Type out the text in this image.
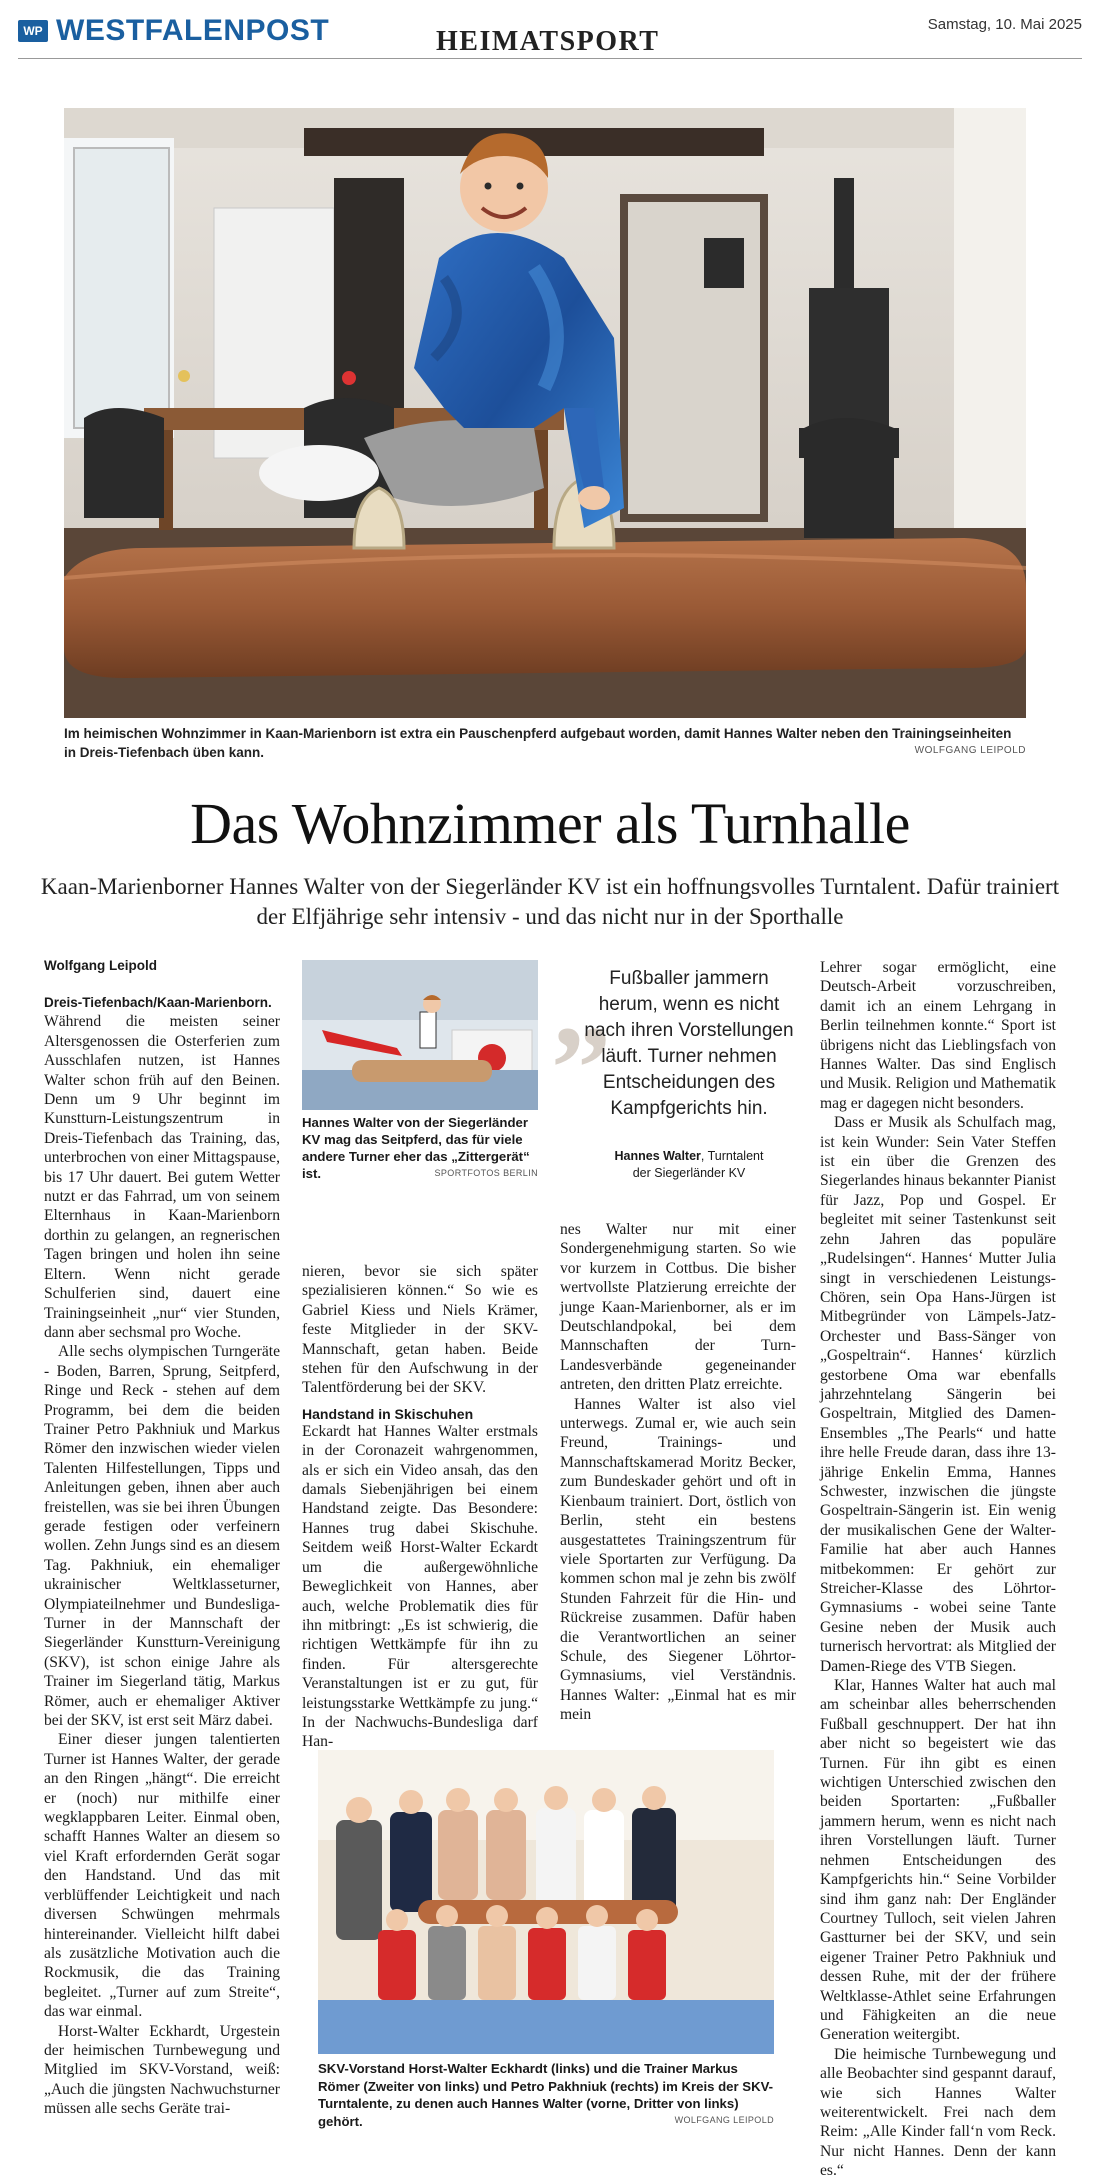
WP WESTFALENPOST	HEIMATSPORT
Samstag, 10. Mai 2025
Im heimischen Wohnzimmer in Kaan-Marienborn ist extra ein Pauschenpferd aufgebaut worden, damit Hannes Walter neben den Trainingseinheiten in Dreis-Tiefenbach üben kann.	WOLFGANG LEIPOLD
Das Wohnzimmer als Turnhalle
Kaan-Marienborner Hannes Walter von der Siegerländer KV ist ein hoffnungsvolles Turntalent. Dafür trainiert der Elfjährige sehr intensiv - und das nicht nur in der Sporthalle
Wolfgang Leipold

Dreis-Tiefenbach/Kaan-Marienborn.
Während die meisten seiner Altersgenossen die Osterferien zum Ausschlafen nutzen, ist Hannes Walter schon früh auf den Beinen. Denn um 9 Uhr beginnt im Kunstturn-Leistungszentrum in Dreis-Tiefenbach das Training, das, unterbrochen von einer Mittagspause, bis 17 Uhr dauert. Bei gutem Wetter nutzt er das Fahrrad, um von seinem Elternhaus in Kaan-Marienborn dorthin zu gelangen, an regnerischen Tagen bringen und holen ihn seine Eltern. Wenn nicht gerade Schulferien sind, dauert eine Trainingseinheit „nur“ vier Stunden, dann aber sechsmal pro Woche.

Alle sechs olympischen Turngeräte - Boden, Barren, Sprung, Seitpferd, Ringe und Reck - stehen auf dem Programm, bei dem die beiden Trainer Petro Pakhniuk und Markus Römer den inzwischen wieder vielen Talenten Hilfestellungen, Tipps und Anleitungen geben, ihnen aber auch freistellen, was sie bei ihren Übungen gerade festigen oder verfeinern wollen. Zehn Jungs sind es an diesem Tag. Pakhniuk, ein ehemaliger ukrainischer Weltklasseturner, Olympiateilnehmer und Bundesliga-Turner in der Mannschaft der Siegerländer Kunstturn-Vereinigung (SKV), ist schon einige Jahre als Trainer im Siegerland tätig, Markus Römer, auch er ehemaliger Aktiver bei der SKV, ist erst seit März dabei.

Einer dieser jungen talentierten Turner ist Hannes Walter, der gerade an den Ringen „hängt“. Die erreicht er (noch) nur mithilfe einer wegklappbaren Leiter. Einmal oben, schafft Hannes Walter an diesem so viel Kraft erfordernden Gerät sogar den Handstand. Und das mit verblüffender Leichtigkeit und nach diversen Schwüngen mehrmals hintereinander. Vielleicht hilft dabei als zusätzliche Motivation auch die Rockmusik, die das Training begleitet. „Turner auf zum Streite“, das war einmal.

Horst-Walter Eckhardt, Urgestein der heimischen Turnbewegung und Mitglied im SKV-Vorstand, weiß: „Auch die jüngsten Nachwuchsturner müssen alle sechs Geräte trai-

Hannes Walter von der Siegerländer KV mag das Seitpferd, das für viele andere Turner eher das „Zittergerät“ ist.	SPORTFOTOS BERLIN

nieren, bevor sie sich später spezialisieren können.“ So wie es Gabriel Kiess und Niels Krämer, feste Mitglieder in der SKV-Mannschaft, getan haben. Beide stehen für den Aufschwung in der Talentförderung bei der SKV.

Handstand in Skischuhen

Eckardt hat Hannes Walter erstmals in der Coronazeit wahrgenommen, als er sich ein Video ansah, das den damals Siebenjährigen bei einem Handstand zeigte. Das Besondere: Hannes trug dabei Skischuhe. Seitdem weiß Horst-Walter Eckardt um die außergewöhnliche Beweglichkeit von Hannes, aber auch, welche Problematik dies für ihn mitbringt: „Es ist schwierig, die richtigen Wettkämpfe für ihn zu finden. Für altersgerechte Veranstaltungen ist er zu gut, für leistungsstarke Wettkämpfe zu jung.“ In der Nachwuchs-Bundesliga darf Han-

„
Fußballer jammern herum, wenn es nicht nach ihren Vorstellungen läuft. Turner nehmen Entscheidungen des Kampfgerichts hin.
Hannes Walter, Turntalent
der Siegerländer KV

nes Walter nur mit einer Sondergenehmigung starten. So wie vor kurzem in Cottbus. Die bisher wertvollste Platzierung erreichte der junge Kaan-Marienborner, als er im Deutschlandpokal, bei dem Mannschaften der Turn-Landesverbände gegeneinander antreten, den dritten Platz erreichte.

Hannes Walter ist also viel unterwegs. Zumal er, wie auch sein Freund, Trainings- und Mannschaftskamerad Moritz Becker, zum Bundeskader gehört und oft in Kienbaum trainiert. Dort, östlich von Berlin, steht ein bestens ausgestattetes Trainingszentrum für viele Sportarten zur Verfügung. Da kommen schon mal je zehn bis zwölf Stunden Fahrzeit für die Hin- und Rückreise zusammen. Dafür haben die Verantwortlichen an seiner Schule, des Siegener Löhrtor-Gymnasiums, viel Verständnis. Hannes Walter: „Einmal hat es mir mein

Lehrer sogar ermöglicht, eine Deutsch-Arbeit vorzuschreiben, damit ich an einem Lehrgang in Berlin teilnehmen konnte.“ Sport ist übrigens nicht das Lieblingsfach von Hannes Walter. Das sind Englisch und Musik. Religion und Mathematik mag er dagegen nicht besonders.

Dass er Musik als Schulfach mag, ist kein Wunder: Sein Vater Steffen ist ein über die Grenzen des Siegerlandes hinaus bekannter Pianist für Jazz, Pop und Gospel. Er begleitet mit seiner Tastenkunst seit zehn Jahren das populäre „Rudelsingen“. Hannes‘ Mutter Julia singt in verschiedenen Leistungs-Chören, sein Opa Hans-Jürgen ist Mitbegründer von Lämpels-Jatz-Orchester und Bass-Sänger von „Gospeltrain“. Hannes‘ kürzlich gestorbene Oma war ebenfalls jahrzehntelang Sängerin bei Gospeltrain, Mitglied des Damen-Ensembles „The Pearls“ und hatte ihre helle Freude daran, dass ihre 13-jährige Enkelin Emma, Hannes Schwester, inzwischen die jüngste Gospeltrain-Sängerin ist. Ein wenig der musikalischen Gene der Walter-Familie hat aber auch Hannes mitbekommen: Er gehört zur Streicher-Klasse des Löhrtor-Gymnasiums - wobei seine Tante Gesine neben der Musik auch turnerisch hervortrat: als Mitglied der Damen-Riege des VTB Siegen.

Klar, Hannes Walter hat auch mal am scheinbar alles beherrschenden Fußball geschnuppert. Der hat ihn aber nicht so begeistert wie das Turnen. Für ihn gibt es einen wichtigen Unterschied zwischen den beiden Sportarten: „Fußballer jammern herum, wenn es nicht nach ihren Vorstellungen läuft. Turner nehmen Entscheidungen des Kampfgerichts hin.“ Seine Vorbilder sind ihm ganz nah: Der Engländer Courtney Tulloch, seit vielen Jahren Gastturner bei der SKV, und sein eigener Trainer Petro Pakhniuk und dessen Ruhe, mit der der frühere Weltklasse-Athlet seine Erfahrungen und Fähigkeiten an die neue Generation weitergibt.

Die heimische Turnbewegung und alle Beobachter sind gespannt darauf, wie sich Hannes Walter weiterentwickelt. Frei nach dem Reim: „Alle Kinder fall‘n vom Reck. Nur nicht Hannes. Denn der kann es.“

SKV-Vorstand Horst-Walter Eckhardt (links) und die Trainer Markus Römer (Zweiter von links) und Petro Pakhniuk (rechts) im Kreis der SKV-Turntalente, zu denen auch Hannes Walter (vorne, Dritter von links) gehört.	WOLFGANG LEIPOLD
